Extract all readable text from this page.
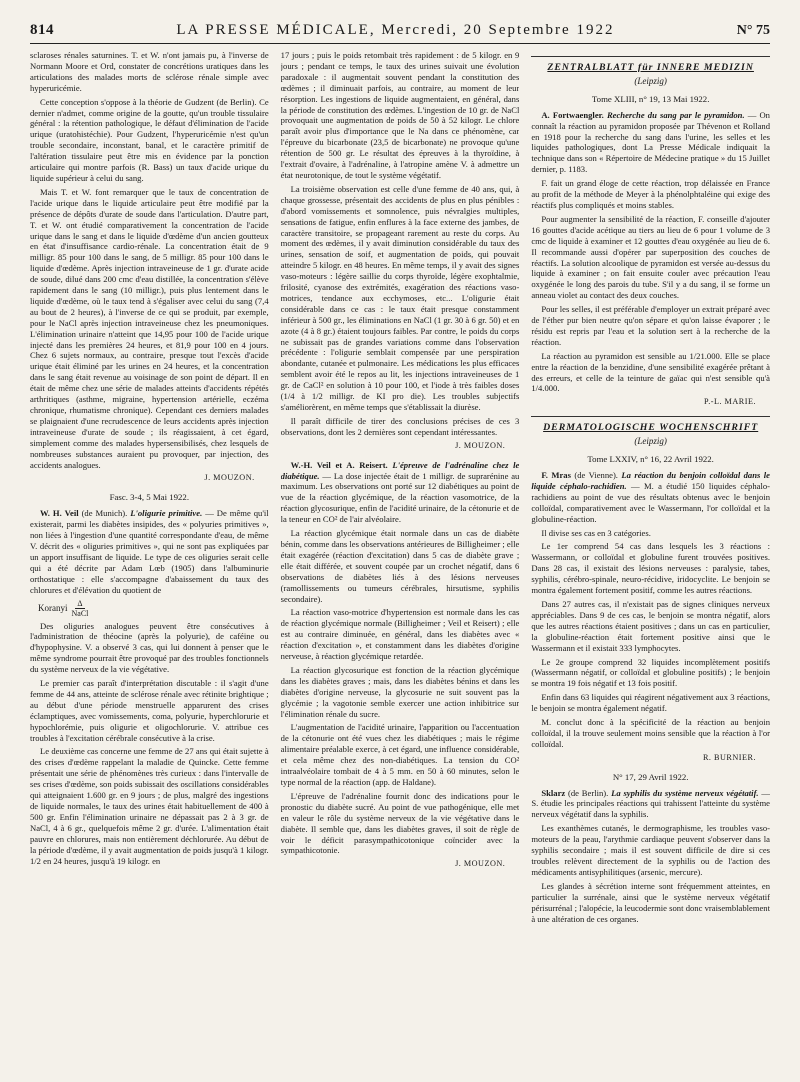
814	LA PRESSE MÉDICALE, Mercredi, 20 Septembre 1922	N° 75

sclaroses rénales saturnines. T. et W. n'ont jamais pu, à l'inverse de Normann Moore et Ord, constater de concrétions uratiques dans les articulations des malades morts de sclérose rénale simple avec hyperuricémie.

Cette conception s'oppose à la théorie de Gudzent (de Berlin). Ce dernier n'admet, comme origine de la goutte, qu'un trouble tissulaire général : la rétention pathologique, le défaut d'élimination de l'acide urique (uratohistéchie). Pour Gudzent, l'hyperuricémie n'est qu'un trouble secondaire, inconstant, banal, et le caractère primitif de l'altération tissulaire peut être mis en évidence par la ponction articulaire qui montre parfois (R. Bass) un taux d'acide urique du liquide supérieur à celui du sang.

Mais T. et W. font remarquer que le taux de concentration de l'acide urique dans le liquide articulaire peut être modifié par la présence de dépôts d'urate de soude dans l'articulation. D'autre part, T. et W. ont étudié comparativement la concentration de l'acide urique dans le sang et dans le liquide d'œdème d'un ancien goutteux en état d'insuffisance cardio-rénale. La concentration était de 9 milligr. 85 pour 100 dans le sang, de 5 milligr. 85 pour 100 dans le liquide d'œdème. Après injection intraveineuse de 1 gr. d'urate acide de soude, dilué dans 200 cmc d'eau distillée, la concentration s'élève rapidement dans le sang (10 milligr.), puis plus lentement dans le liquide d'œdème, où le taux tend à s'égaliser avec celui du sang (7,4 au bout de 2 heures), à l'inverse de ce qui se produit, par exemple, pour le NaCl après injection intraveineuse chez les pneumoniques. L'élimination urinaire n'atteint que 14,95 pour 100 de l'acide urique injecté dans les premières 24 heures, et 81,9 pour 100 en 4 jours. Chez 6 sujets normaux, au contraire, presque tout l'excès d'acide urique était éliminé par les urines en 24 heures, et la concentration dans le sang était revenue au voisinage de son point de départ. Il en était de même chez une série de malades atteints d'accidents répétés arthritiques (asthme, migraine, hypertension artérielle, eczéma chronique, rhumatisme chronique). Cependant ces derniers malades se plaignaient d'une recrudescence de leurs accidents après injection intraveineuse d'urate de soude ; ils réagissaient, à cet égard, simplement comme des malades hypersensibilisés, chez lesquels de nombreuses substances auraient pu provoquer, par injection, des accidents analogues.

J. MOUZON.
Fasc. 3-4, 5 Mai 1922.

W. H. Veil (de Munich). L'oligurie primitive. — De même qu'il existerait, parmi les diabètes insipides, des « polyuries primitives », non liées à l'ingestion d'une quantité correspondante d'eau, de même V. décrit des « oliguries primitives », qui ne sont pas expliquées par un apport insuffisant de liquide. Le type de ces oliguries serait celle qui a été décrite par Adam Lœb (1905) dans l'albuminurie orthostatique : elle s'accompagne d'abaissement du taux des chlorures et d'élévation du quotient de

Koranyi $\frac{\Delta}{\text{NaCl}}$

Des oliguries analogues peuvent être consécutives à l'administration de théocine (après la polyurie), de caféine ou d'hypophysine. V. a observé 3 cas, qui lui donnent à penser que le même syndrome pourrait être provoqué par des troubles fonctionnels du système nerveux de la vie végétative.

Le premier cas paraît d'interprétation discutable : il s'agit d'une femme de 44 ans, atteinte de sclérose rénale avec rétinite brightique ; au début d'une période menstruelle apparurent des crises éclamptiques, avec vomissements, coma, polyurie, hyperchlorurie et hypochlorémie, puis oligurie et oligochlorurie. V. attribue ces troubles à l'excitation cérébrale consécutive à la crise.

Le deuxième cas concerne une femme de 27 ans qui était sujette à des crises d'œdème rappelant la maladie de Quincke. Cette femme présentait une série de phénomènes très curieux : dans l'intervalle de ses crises d'œdème, son poids subissait des oscillations considérables qui atteignaient 1.600 gr. en 9 jours ; de plus, malgré des ingestions de liquide normales, le taux des urines était habituellement de 400 à 500 gr. Enfin l'élimination urinaire ne dépassait pas 2 à 3 gr. de NaCl, 4 à 6 gr., quelquefois même 2 gr. d'urée. L'alimentation était pauvre en chlorures, mais non entièrement déchlorurée. Au début de la période d'œdème, il y avait augmentation de poids jusqu'à 1 kilogr. 1/2 en 24 heures, jusqu'à 19 kilogr. en

17 jours ; puis le poids retombait très rapidement : de 5 kilogr. en 9 jours ; pendant ce temps, le taux des urines suivait une évolution paradoxale : il augmentait souvent pendant la constitution des œdèmes ; il diminuait parfois, au contraire, au moment de leur résorption. Les ingestions de liquide augmentaient, en général, dans la période de constitution des œdèmes. L'ingestion de 10 gr. de NaCl provoquait une augmentation de poids de 50 à 52 kilogr. Le chlore paraît avoir plus d'importance que le Na dans ce phénomène, car l'épreuve du bicarbonate (23,5 de bicarbonate) ne provoque qu'une rétention de 500 gr. Le résultat des épreuves à la thyroïdine, à l'extrait d'ovaire, à l'adrénaline, à l'atropine amène V. à admettre un état neurotonique, de tout le système végétatif.

La troisième observation est celle d'une femme de 40 ans, qui, à chaque grossesse, présentait des accidents de plus en plus pénibles : d'abord vomissements et somnolence, puis névralgies multiples, sensations de fatigue, enfin enflures à la face externe des jambes, de caractère transitoire, se propageant rarement au reste du corps. Au moment des œdèmes, il y avait diminution considérable du taux des urines, sensation de soif, et augmentation de poids, qui pouvait atteindre 5 kilogr. en 48 heures. En même temps, il y avait des signes vaso-moteurs : légère saillie du corps thyroïde, légère exophtalmie, frilosité, cyanose des extrémités, exagération des réactions vaso-motrices, tendance aux ecchymoses, etc... L'oligurie était considérable dans ce cas : le taux était presque constamment inférieur à 500 gr., les éliminations en NaCl (1 gr. 30 à 6 gr. 50) et en azote (4 à 8 gr.) étaient toujours faibles. Par contre, le poids du corps ne subissait pas de grandes variations comme dans l'observation précédente : l'oligurie semblait compensée par une perspiration abondante, cutanée et pulmonaire. Les médications les plus efficaces semblent avoir été le repos au lit, les injections intraveineuses de 1 gr. de CaCl² en solution à 10 pour 100, et l'iode à très faibles doses (1/4 à 1/2 milligr. de KI pro die). Les troubles subjectifs s'améliorèrent, en même temps que s'établissait la diurèse.

Il paraît difficile de tirer des conclusions précises de ces 3 observations, dont les 2 dernières sont cependant intéressantes.

J. MOUZON.

W.-H. Veil et A. Reisert. L'épreuve de l'adrénaline chez le diabétique. — La dose injectée était de 1 milligr. de suprarénine au maximum. Les observations ont porté sur 12 diabétiques au point de vue de la réaction glycémique, de la réaction vasomotrice, de la réaction glycosurique, enfin de l'acidité urinaire, de la cétonurie et de la teneur en CO² de l'air alvéolaire.

La réaction glycémique était normale dans un cas de diabète bénin, comme dans les observations antérieures de Billigheimer ; elle était exagérée (réaction d'excitation) dans 5 cas de diabète grave ; elle était différée, et souvent coupée par un crochet négatif, dans 6 observations de diabètes liés à des lésions nerveuses (ramollissements ou tumeurs cérébrales, hirsutisme, syphilis secondaire).

La réaction vaso-motrice d'hypertension est normale dans les cas de réaction glycémique normale (Billigheimer ; Veil et Reisert) ; elle est au contraire diminuée, en général, dans les diabètes avec « réaction d'excitation », et constamment dans les diabètes d'origine nerveuse, à réaction glycémique retardée.

La réaction glycosurique est fonction de la réaction glycémique dans les diabètes graves ; mais, dans les diabètes bénins et dans les diabètes d'origine nerveuse, la glycosurie ne suit souvent pas la glycémie ; la vagotonie semble exercer une action inhibitrice sur l'élimination rénale du sucre.

L'augmentation de l'acidité urinaire, l'apparition ou l'accentuation de la cétonurie ont été vues chez les diabétiques ; mais le régime alimentaire préalable exerce, à cet égard, une influence considérable, et cela même chez des non-diabétiques. La tension du CO² intraalvéolaire tombait de 4 à 5 mm. en 50 à 60 minutes, selon le type normal de la réaction (app. de Haldane).

L'épreuve de l'adrénaline fournit donc des indications pour le pronostic du diabète sucré. Au point de vue pathogénique, elle met en valeur le rôle du système nerveux de la vie végétative dans le diabète. Il semble que, dans les diabètes graves, il soit de règle de voir le déficit parasympathicotonique coïncider avec la sympathicotonie.

J. MOUZON.
ZENTRALBLATT für INNERE MEDIZIN
(Leipzig)
Tome XLIII, n° 19, 13 Mai 1922.

A. Fortwaengler. Recherche du sang par le pyramidon. — On connaît la réaction au pyramidon proposée par Thévenon et Rolland en 1918 pour la recherche du sang dans l'urine, les selles et les liquides pathologiques, dont La Presse Médicale indiquait la technique dans son « Répertoire de Médecine pratique » du 15 Juillet dernier, p. 1183.

F. fait un grand éloge de cette réaction, trop délaissée en France au profit de la méthode de Meyer à la phénolphtaléine qui exige des réactifs plus compliqués et moins stables.

Pour augmenter la sensibilité de la réaction, F. conseille d'ajouter 16 gouttes d'acide acétique au tiers au lieu de 6 pour 1 volume de 3 cmc de liquide à examiner et 12 gouttes d'eau oxygénée au lieu de 6. Il recommande aussi d'opérer par superposition des couches de réactifs. La solution alcoolique de pyramidon est versée au-dessus du liquide à examiner ; on fait ensuite couler avec précaution l'eau oxygénée le long des parois du tube. S'il y a du sang, il se forme un anneau violet au contact des deux couches.

Pour les selles, il est préférable d'employer un extrait préparé avec de l'éther pur bien neutre qu'on sépare et qu'on laisse évaporer ; le résidu est repris par l'eau et la solution sert à la recherche de la réaction.

La réaction au pyramidon est sensible au 1/21.000. Elle se place entre la réaction de la benzidine, d'une sensibilité exagérée prêtant à des erreurs, et celle de la teinture de gaïac qui n'est sensible qu'à 1/4.000.

P.-L. MARIE.
DERMATOLOGISCHE WOCHENSCHRIFT
(Leipzig)
Tome LXXIV, n° 16, 22 Avril 1922.

F. Mras (de Vienne). La réaction du benjoin colloïdal dans le liquide céphalo-rachidien. — M. a étudié 150 liquides céphalo-rachidiens au point de vue des résultats obtenus avec le benjoin colloïdal, comparativement avec le Wassermann, l'or colloïdal et la globuline-réaction.

Il divise ses cas en 3 catégories.

Le 1er comprend 54 cas dans lesquels les 3 réactions : Wassermann, or colloïdal et globuline furent trouvées positives. Dans 28 cas, il existait des lésions nerveuses : paralysie, tabes, syphilis, cérébro-spinale, neuro-récidive, iridocyclite. Le benjoin se montra également fortement positif, comme les autres réactions.

Dans 27 autres cas, il n'existait pas de signes cliniques nerveux appréciables. Dans 9 de ces cas, le benjoin se montra négatif, alors que les autres réactions étaient positives ; dans un cas en particulier, la globuline-réaction était fortement positive ainsi que le Wassermann et il existait 333 lymphocytes.

Le 2e groupe comprend 32 liquides incomplètement positifs (Wassermann négatif, or colloïdal et globuline positifs) ; le benjoin se montra 19 fois négatif et 13 fois positif.

Enfin dans 63 liquides qui réagirent négativement aux 3 réactions, le benjoin se montra également négatif.

M. conclut donc à la spécificité de la réaction au benjoin colloïdal, il la trouve seulement moins sensible que la réaction à l'or colloïdal.

R. BURNIER.
N° 17, 29 Avril 1922.

Sklarz (de Berlin). La syphilis du système nerveux végétatif. — S. étudie les principales réactions qui trahissent l'atteinte du système nerveux végétatif dans la syphilis.

Les exanthèmes cutanés, le dermographisme, les troubles vaso-moteurs de la peau, l'arythmie cardiaque peuvent s'observer dans la syphilis secondaire ; mais il est souvent difficile de dire si ces troubles relèvent directement de la syphilis ou de l'action des médicaments antisyphilitiques (arsenic, mercure).

Les glandes à sécrétion interne sont fréquemment atteintes, en particulier la surrénale, ainsi que le système nerveux végétatif périsurrénal ; l'alopécie, la leucodermie sont donc vraisemblablement à une altération de ces organes.
